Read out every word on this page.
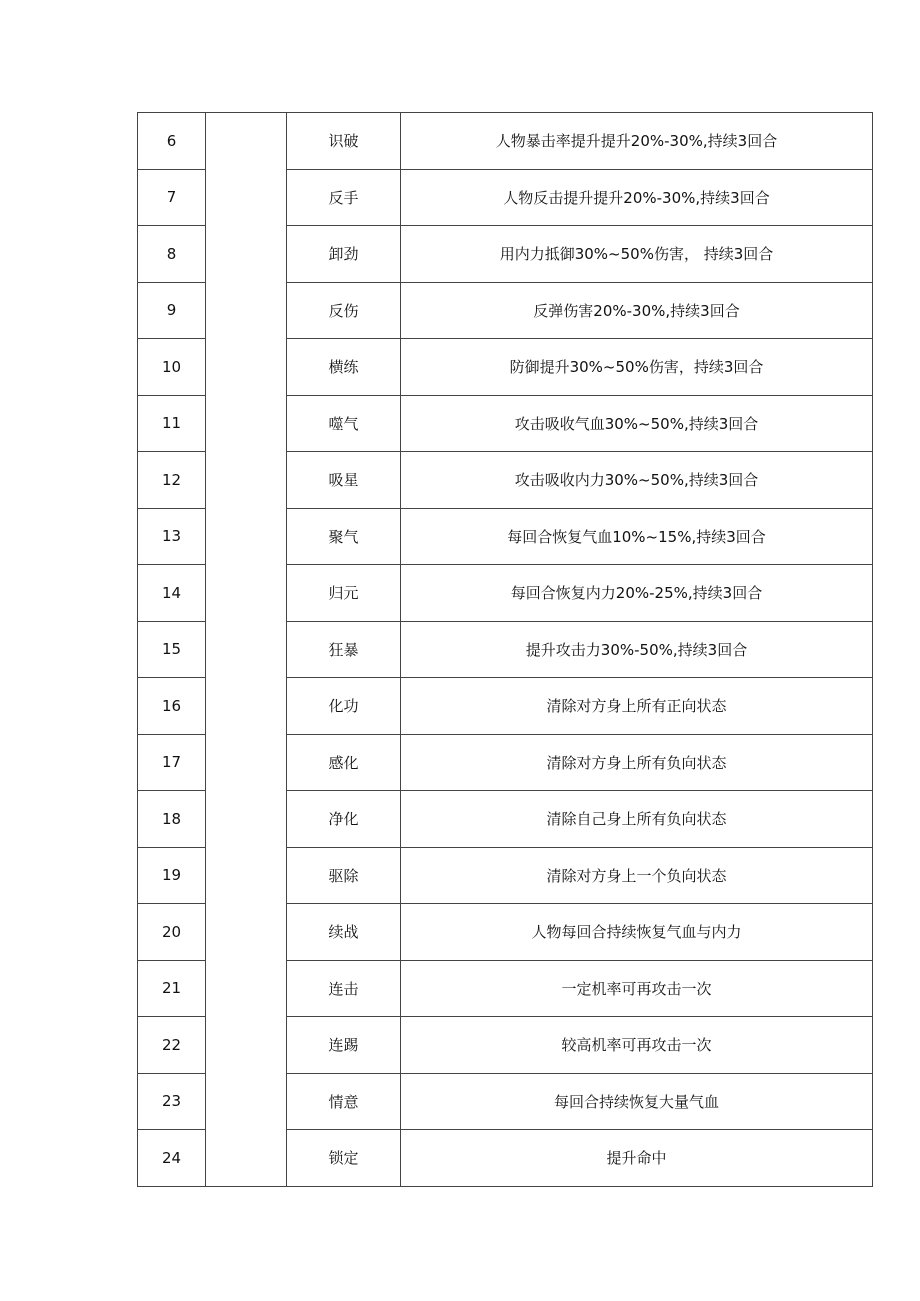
6		识破	人物暴击率提升提升20%-30%,持续3回合
7		反手	人物反击提升提升20%-30%,持续3回合
8		卸劲	用内力抵御30%~50%伤害， 持续3回合
9		反伤	反弹伤害20%-30%,持续3回合
10		横练	防御提升30%~50%伤害，持续3回合
11		噬气	攻击吸收气血30%~50%,持续3回合
12		吸星	攻击吸收内力30%~50%,持续3回合
13		聚气	每回合恢复气血10%~15%,持续3回合
14		归元	每回合恢复内力20%-25%,持续3回合
15		狂暴	提升攻击力30%-50%,持续3回合
16		化功	清除对方身上所有正向状态
17		感化	清除对方身上所有负向状态
18		净化	清除自己身上所有负向状态
19		驱除	清除对方身上一个负向状态
20		续战	人物每回合持续恢复气血与内力
21		连击	一定机率可再攻击一次
22		连踢	较高机率可再攻击一次
23		情意	每回合持续恢复大量气血
24		锁定	提升命中
